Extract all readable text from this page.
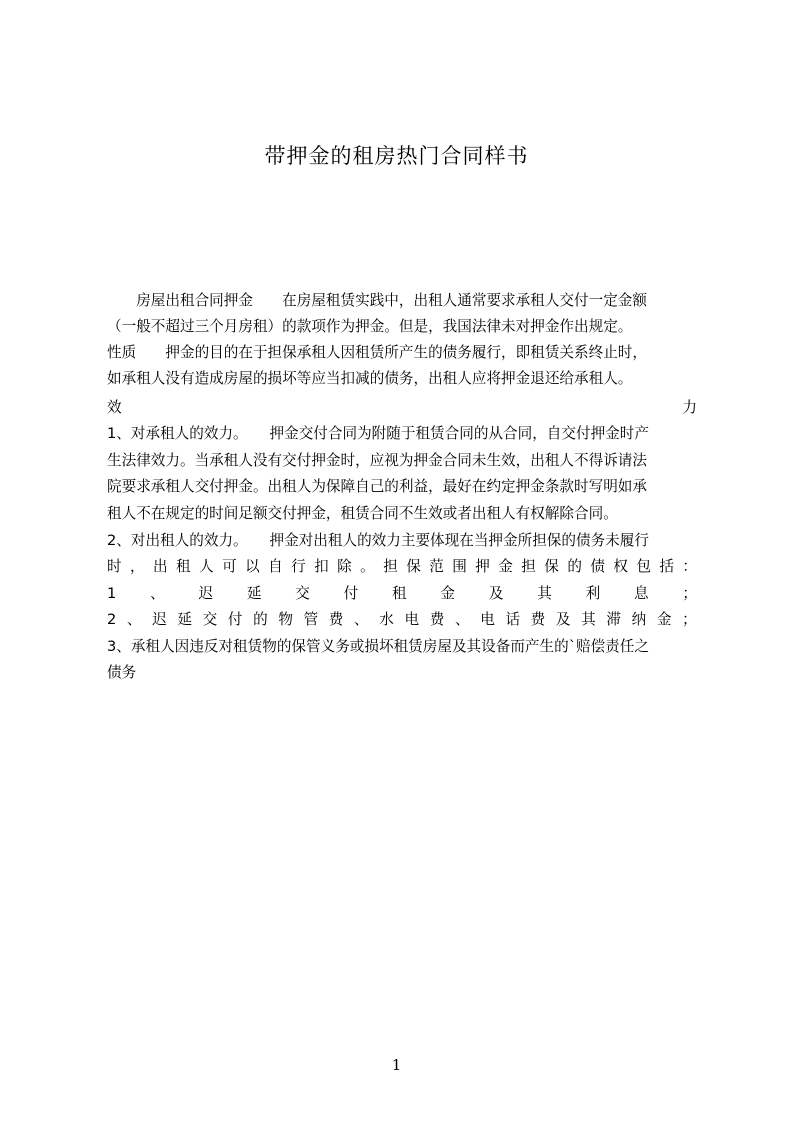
带押金的租房热门合同样书
　　房屋出租合同押金　　在房屋租赁实践中，出租人通常要求承租人交付一定金额
（一般不超过三个月房租）的款项作为押金。但是，我国法律未对押金作出规定。
性质　　押金的目的在于担保承租人因租赁所产生的债务履行，即租赁关系终止时，
如承租人没有造成房屋的损坏等应当扣减的债务，出租人应将押金退还给承租人。
效	力
1、对承租人的效力。　　押金交付合同为附随于租赁合同的从合同，自交付押金时产
生法律效力。当承租人没有交付押金时，应视为押金合同未生效，出租人不得诉请法
院要求承租人交付押金。出租人为保障自己的利益，最好在约定押金条款时写明如承
租人不在规定的时间足额交付押金，租赁合同不生效或者出租人有权解除合同。
2、对出租人的效力。　　押金对出租人的效力主要体现在当押金所担保的债务未履行
时 ， 出 租 人 可 以 自 行 扣 除 。 担 保 范 围 押 金 担 保 的 债 权 包 括 ：
1 、 迟 延 交 付 租 金 及 其 利 息 ；
2 、 迟 延 交 付 的 物 管 费 、 水 电 费 、 电 话 费 及 其 滞 纳 金 ；
3、承租人因违反对租赁物的保管义务或损坏租赁房屋及其设备而产生的`赔偿责任之
债务
1
